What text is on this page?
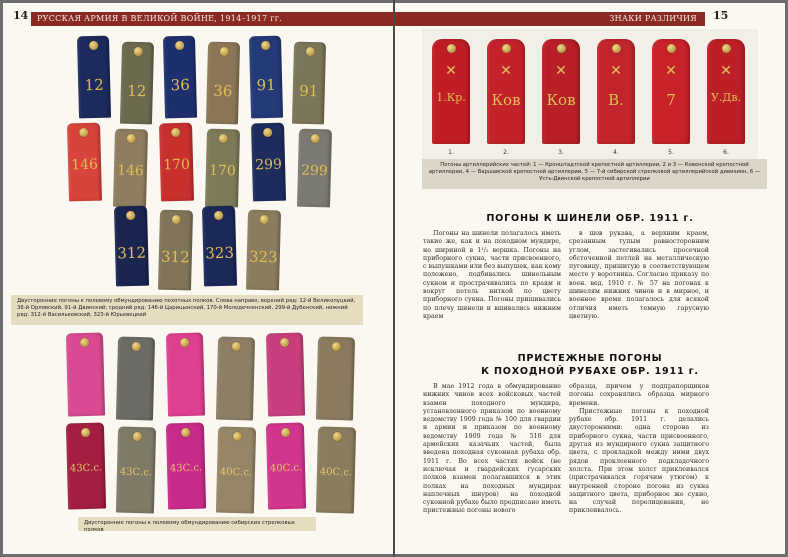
14	РУССКАЯ АРМИЯ В ВЕЛИКОЙ ВОЙНЕ, 1914–1917 гг.
12	12	36	36	91	91
146 146 170 170 299 299
312 312 323 323
Двусторонние погоны к полевому обмундированию пехотных полков. Слева направо, верхний ряд: 12-й Великолуцкий, 36-й Орловский, 91-й Двинский; средний ряд: 146-й Царицынский, 170-й Молодечненский, 299-й Дубенский, нижний ряд: 312-й Васильковский, 323-й Юрьевецкий
43С.с. 43С.с. 43С.с. 40С.с. 40С.с. 40С.с.
Двусторонние погоны к полевому обмундированию сибирских стрелковых полков
ЗНАКИ РАЗЛИЧИЯ	15
✕
1.Кр.
1.
✕
Ков
2.
✕
Ков
3.
✕
В.
4.
✕
7
5.
✕
У.Дв.
6.
Погоны артиллерийских частей: 1 — Кронштадтской крепостной артиллерии, 2 и 3 — Ковенской крепостной артиллерии, 4 — Варшавской крепостной артиллерии, 5 — 7-й сибирской стрелковой артиллерийской дивизион, 6 — Усть-Двинской крепостной артиллерии
ПОГОНЫ К ШИНЕЛИ ОБР. 1911 г.

Погоны на шинели полагалось иметь такие же, как и на походном мундире, но шириной в 1¹/₂ вершка. Погоны на приборного сукна, части присвоенного, с выпушками или без выпушек, как кому положено, подбивались шинельным сукном и прострачивались по краям и вокруг петель ниткой по цвету приборного сукна. Погоны пришивались по плечу шинели и вшивались нижним краем

в шов рукава, а верхним краем, срезанным тупым равносторонним углом, застегивались просечной обсточенной петлей на металлическую пуговицу, пришитую в соответствующем месте у воротника. Согласно приказу по воен. вед. 1910 г. № 57 на погонах к шинелям нижних чинов и в мирное, и военное время полагалось для всякой отличия иметь темную гарусную цветную.

ПРИСТЕЖНЫЕ ПОГОНЫ
К ПОХОДНОЙ РУБАХЕ ОБР. 1911 г.

В мае 1912 года в обмундирование нижних чинов всех войсковых частей взамен походного мундира, установленного приказом по военному ведомству 1909 года № 100 для гвардии и армии и приказом по военному ведомству 1909 года № 518 для армейских казачьих частей, была введена походная суконная рубаха обр. 1911 г. Во всех частях войск (не исключая и гвардейских гусарских полков взамен полагавшихся в этих полках на походных мундирах наплечных шнуров) на походной суконной рубахе было предписано иметь пристежные погоны нового

образца, причем у подпрапорщиков погоны сохранялись образца мирного времени.

Пристежные погоны к походной рубахе обр. 1911 г. делались двусторонними: одна сторона из приборного сукна, части присвоенного, другая из мундирного сукна защитного цвета, с прокладкой между ними двух рядов проклеенного подкладочного холста. При этом холст приклеивался (пристрачивался горячим утюгом) к внутренней стороне погона из сукна защитного цвета, приборное же сукно, на случай перелицевания, не приклеивалось.
